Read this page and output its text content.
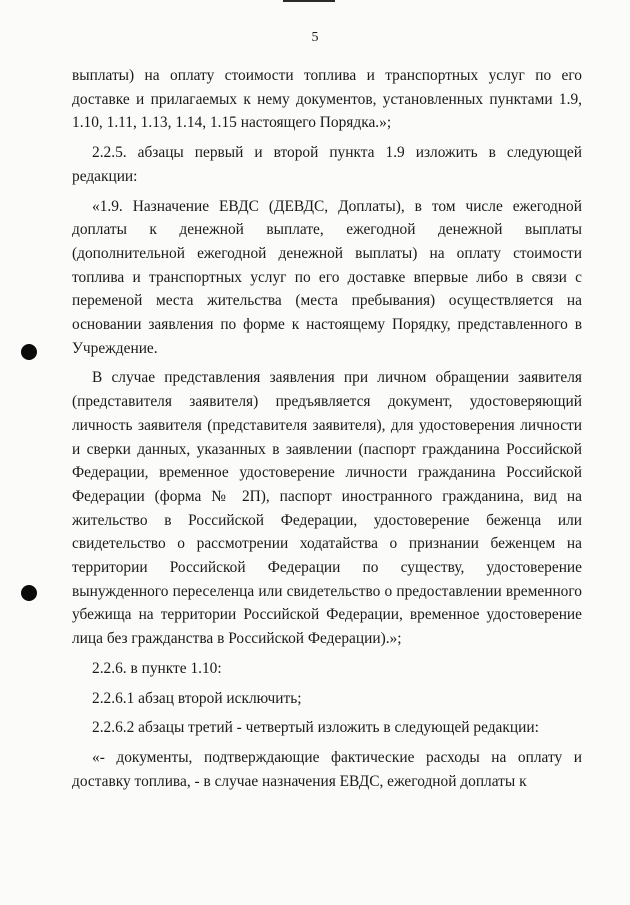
5

выплаты) на оплату стоимости топлива и транспортных услуг по его доставке и прилагаемых к нему документов, установленных пунктами 1.9, 1.10, 1.11, 1.13, 1.14, 1.15 настоящего Порядка.»;

2.2.5. абзацы первый и второй пункта 1.9 изложить в следующей редакции:

«1.9. Назначение ЕВДС (ДЕВДС, Доплаты), в том числе ежегодной доплаты к денежной выплате, ежегодной денежной выплаты (дополнительной ежегодной денежной выплаты) на оплату стоимости топлива и транспортных услуг по его доставке впервые либо в связи с переменой места жительства (места пребывания) осуществляется на основании заявления по форме к настоящему Порядку, представленного в Учреждение.

В случае представления заявления при личном обращении заявителя (представителя заявителя) предъявляется документ, удостоверяющий личность заявителя (представителя заявителя), для удостоверения личности и сверки данных, указанных в заявлении (паспорт гражданина Российской Федерации, временное удостоверение личности гражданина Российской Федерации (форма № 2П), паспорт иностранного гражданина, вид на жительство в Российской Федерации, удостоверение беженца или свидетельство о рассмотрении ходатайства о признании беженцем на территории Российской Федерации по существу, удостоверение вынужденного переселенца или свидетельство о предоставлении временного убежища на территории Российской Федерации, временное удостоверение лица без гражданства в Российской Федерации).»;

2.2.6. в пункте 1.10:

2.2.6.1 абзац второй исключить;

2.2.6.2 абзацы третий - четвертый изложить в следующей редакции:

«- документы, подтверждающие фактические расходы на оплату и доставку топлива, - в случае назначения ЕВДС, ежегодной доплаты к
